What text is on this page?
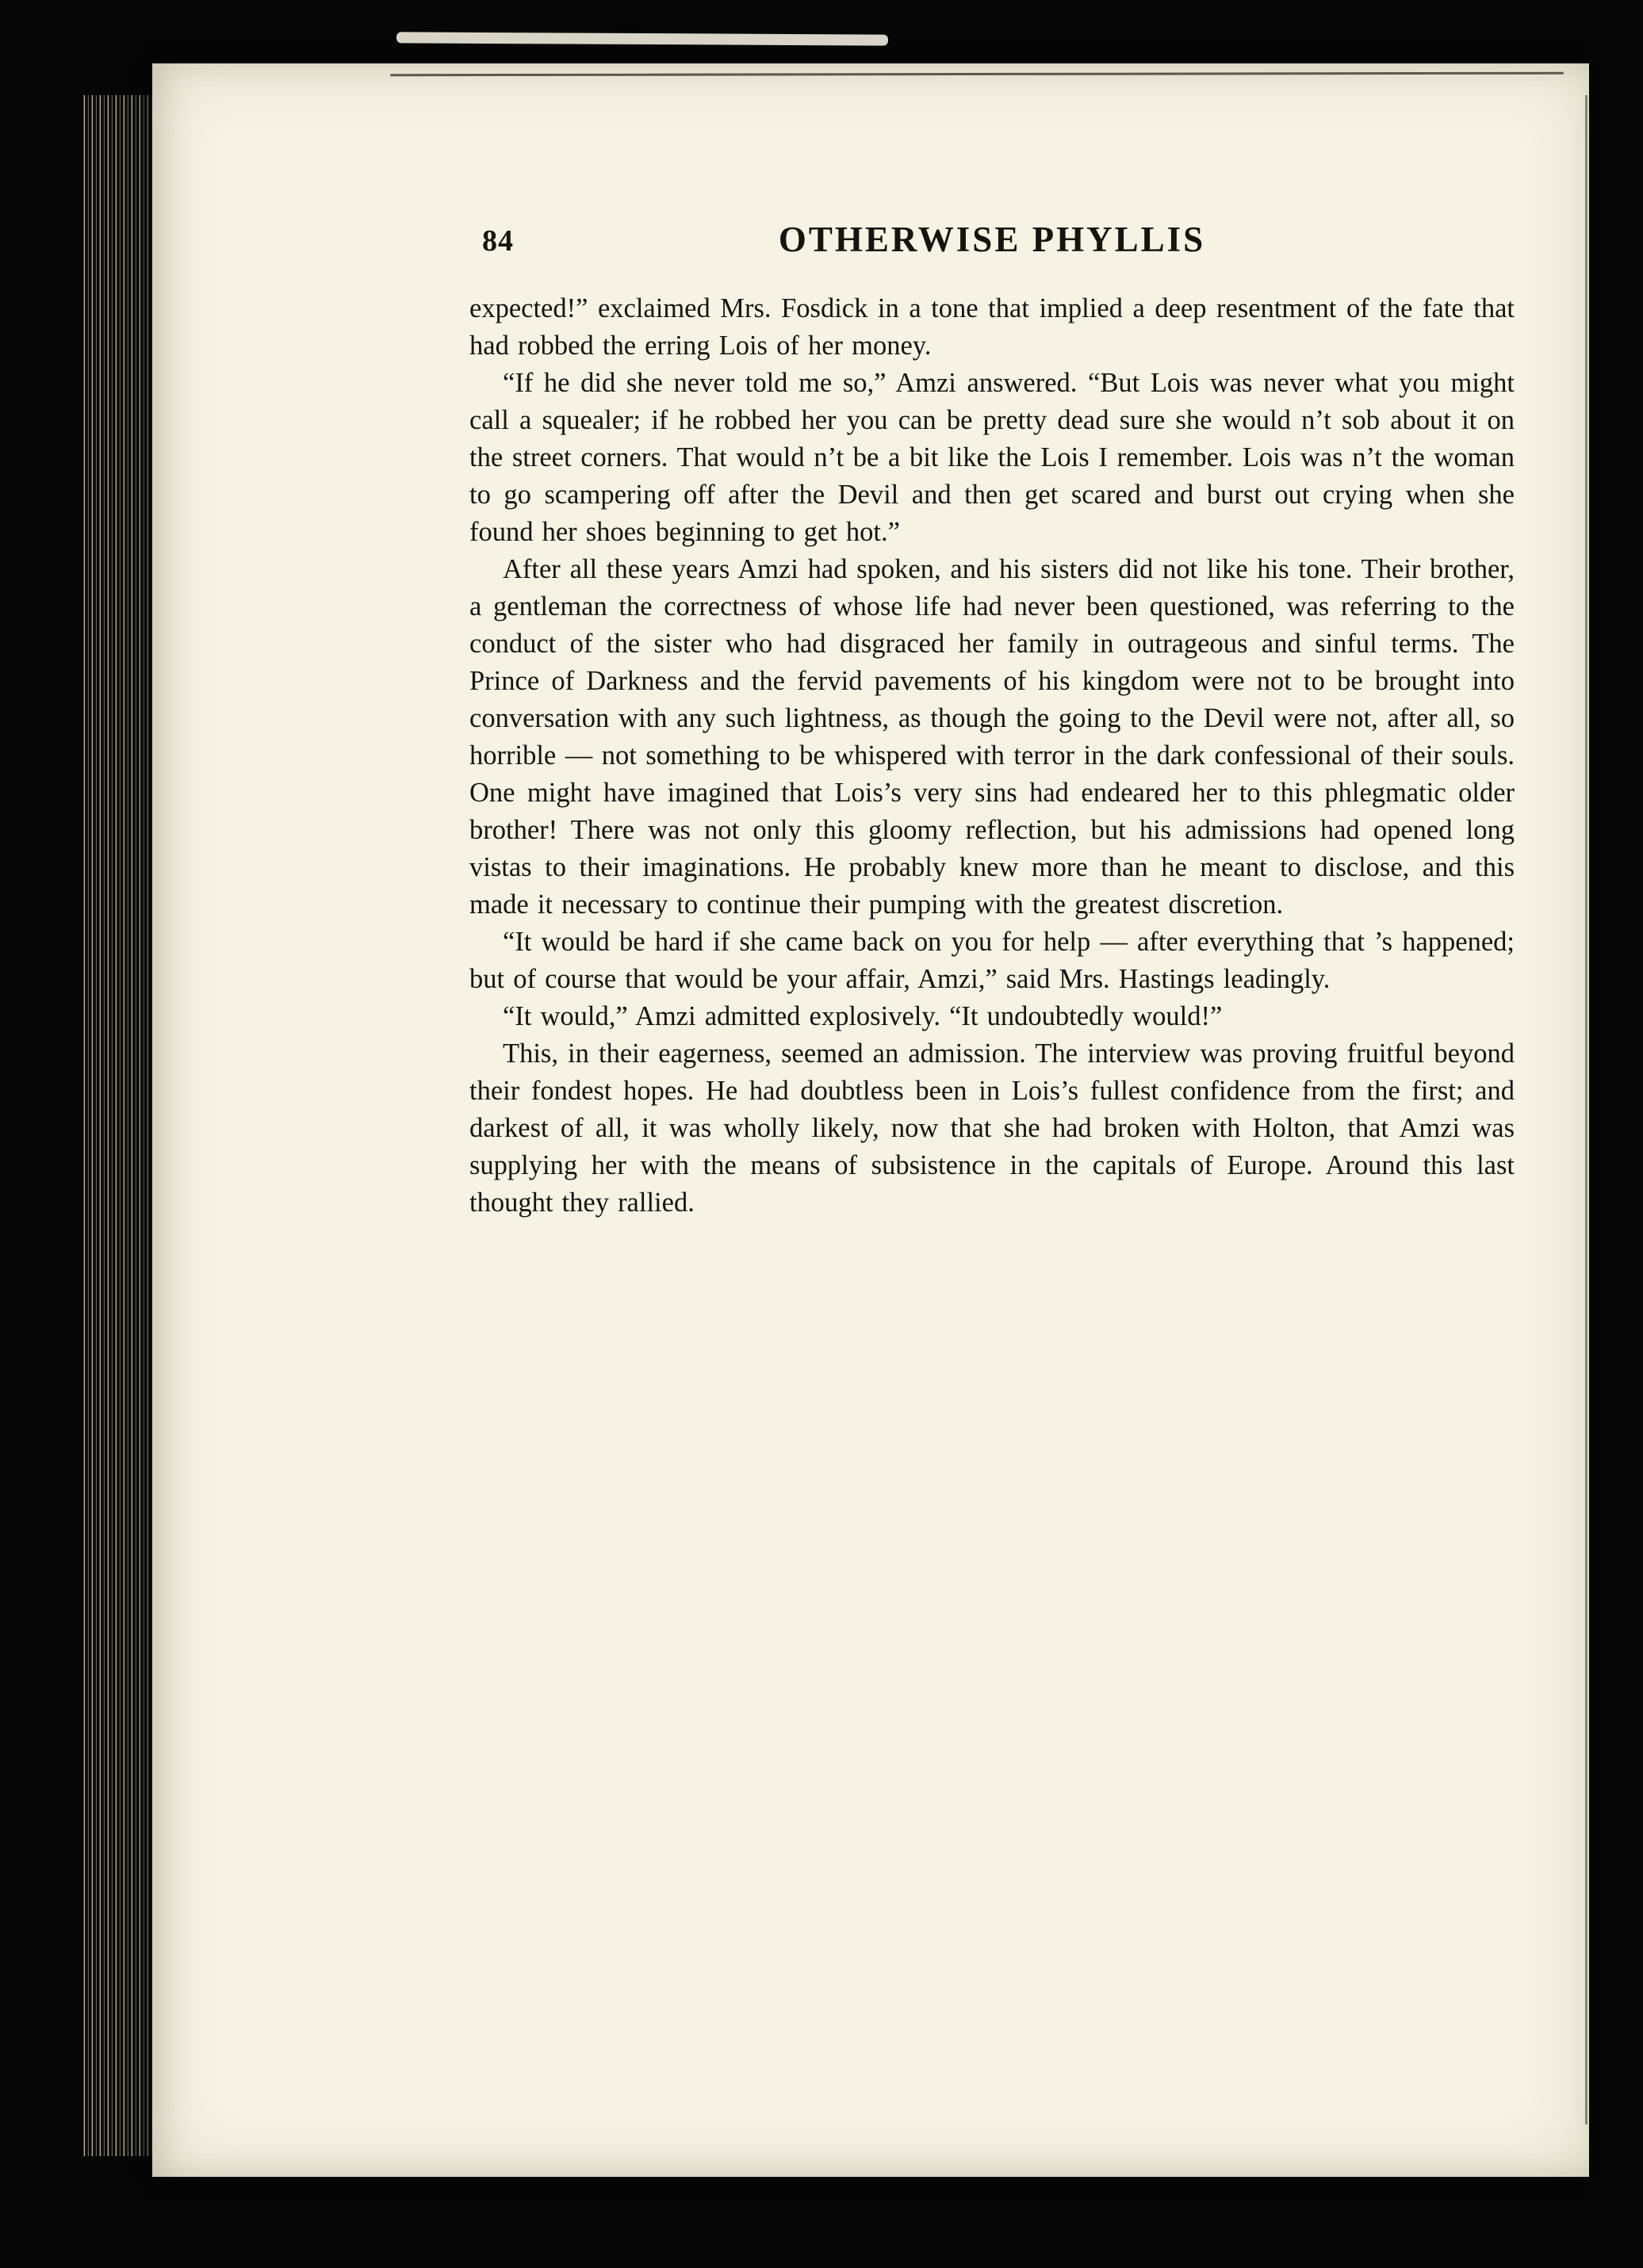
84	OTHERWISE PHYLLIS

expected!” exclaimed Mrs. Fosdick in a tone that implied a deep resentment of the fate that had robbed the erring Lois of her money.

“If he did she never told me so,” Amzi answered. “But Lois was never what you might call a squealer; if he robbed her you can be pretty dead sure she would n’t sob about it on the street corners. That would n’t be a bit like the Lois I remember. Lois was n’t the woman to go scampering off after the Devil and then get scared and burst out crying when she found her shoes beginning to get hot.”

After all these years Amzi had spoken, and his sisters did not like his tone. Their brother, a gentleman the correctness of whose life had never been questioned, was referring to the conduct of the sister who had disgraced her family in outrageous and sinful terms. The Prince of Darkness and the fervid pavements of his kingdom were not to be brought into conversation with any such lightness, as though the going to the Devil were not, after all, so horrible — not something to be whispered with terror in the dark confessional of their souls. One might have imagined that Lois’s very sins had endeared her to this phlegmatic older brother! There was not only this gloomy reflection, but his admissions had opened long vistas to their imaginations. He probably knew more than he meant to disclose, and this made it necessary to continue their pumping with the greatest discretion.

“It would be hard if she came back on you for help — after everything that ’s happened; but of course that would be your affair, Amzi,” said Mrs. Hastings leadingly.

“It would,” Amzi admitted explosively. “It undoubtedly would!”

This, in their eagerness, seemed an admission. The interview was proving fruitful beyond their fondest hopes. He had doubtless been in Lois’s fullest confidence from the first; and darkest of all, it was wholly likely, now that she had broken with Holton, that Amzi was supplying her with the means of subsistence in the capitals of Europe. Around this last thought they rallied.
